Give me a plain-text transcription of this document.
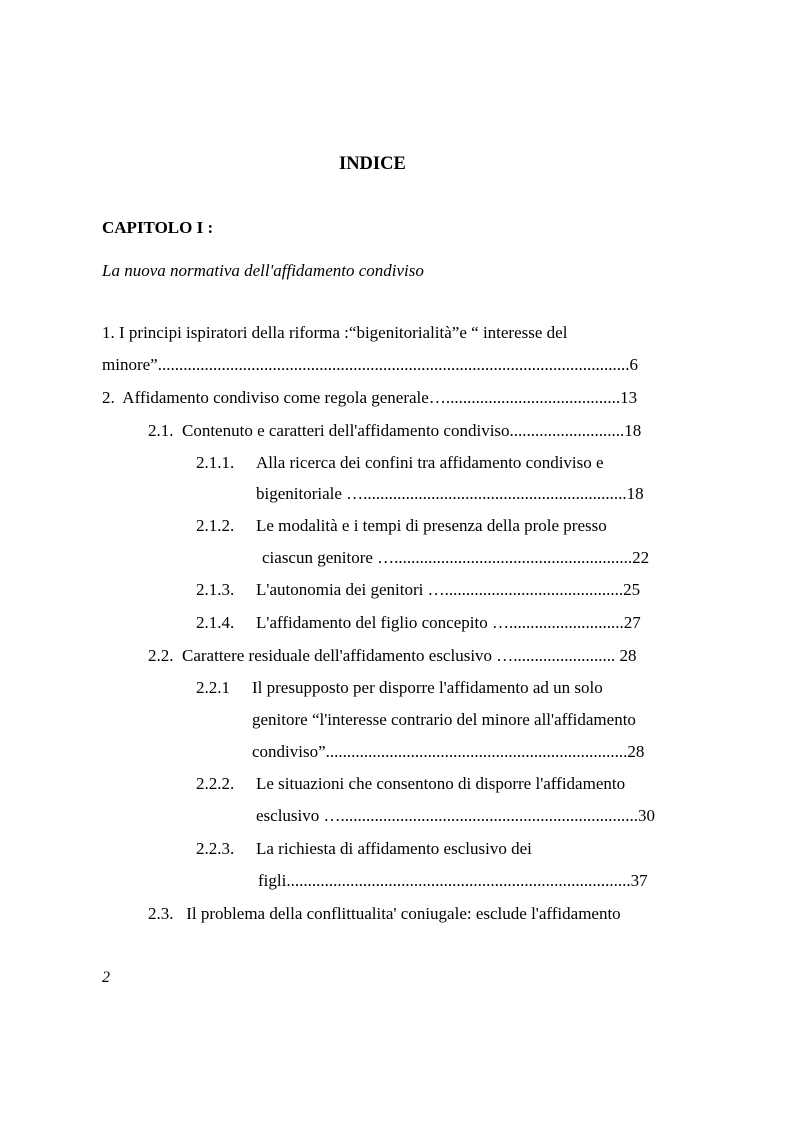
INDICE
CAPITOLO I :
La nuova normativa dell'affidamento condiviso
1. I principi ispiratori della riforma :“bigenitorialità”e “ interesse del
minore”...............................................................................................................6
2.  Affidamento condiviso come regola generale….........................................13
2.1.  Contenuto e caratteri dell'affidamento condiviso...........................18
2.1.1. Alla ricerca dei confini tra affidamento condiviso e
bigenitoriale …..............................................................18
2.1.2. Le modalità e i tempi di presenza della prole presso
ciascun genitore …........................................................22
2.1.3. L'autonomia dei genitori …..........................................25
2.1.4. L'affidamento del figlio concepito …...........................27
2.2.  Carattere residuale dell'affidamento esclusivo …........................ 28
2.2.1 Il presupposto per disporre l'affidamento ad un solo
genitore “l'interesse contrario del minore all'affidamento
condiviso”.......................................................................28
2.2.2. Le situazioni che consentono di disporre l'affidamento
esclusivo …......................................................................30
2.2.3. La richiesta di affidamento esclusivo dei
figli.................................................................................37
2.3.   Il problema della conflittualita' coniugale: esclude l'affidamento
2
